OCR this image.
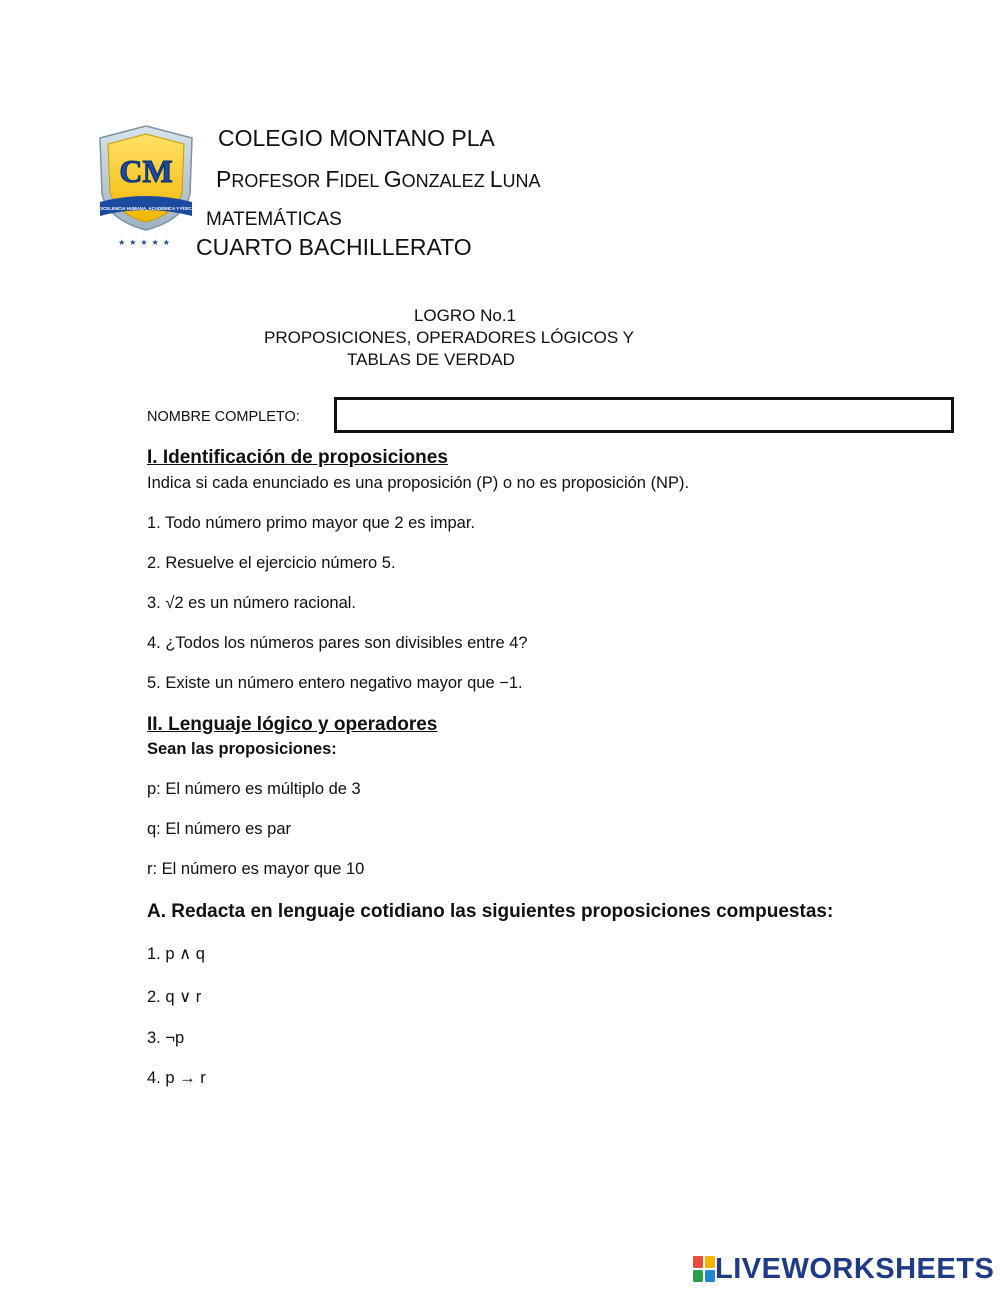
CM
EXCELENCIA HUMANA, ACADÉMICA Y FÍSICA
★★★★★
COLEGIO MONTANO PLA
PROFESOR FIDEL GONZALEZ LUNA
MATEMÁTICAS
CUARTO BACHILLERATO
LOGRO No.1
PROPOSICIONES, OPERADORES LÓGICOS Y
TABLAS DE VERDAD
NOMBRE COMPLETO:
I. Identificación de proposiciones
Indica si cada enunciado es una proposición (P) o no es proposición (NP).
1. Todo número primo mayor que 2 es impar.
2. Resuelve el ejercicio número 5.
3. √2 es un número racional.
4. ¿Todos los números pares son divisibles entre 4?
5. Existe un número entero negativo mayor que −1.
II. Lenguaje lógico y operadores
Sean las proposiciones:
p: El número es múltiplo de 3
q: El número es par
r: El número es mayor que 10
A. Redacta en lenguaje cotidiano las siguientes proposiciones compuestas:
1. p ∧ q
2. q ∨ r
3. ¬p
4. p → r
LIVEWORKSHEETS
